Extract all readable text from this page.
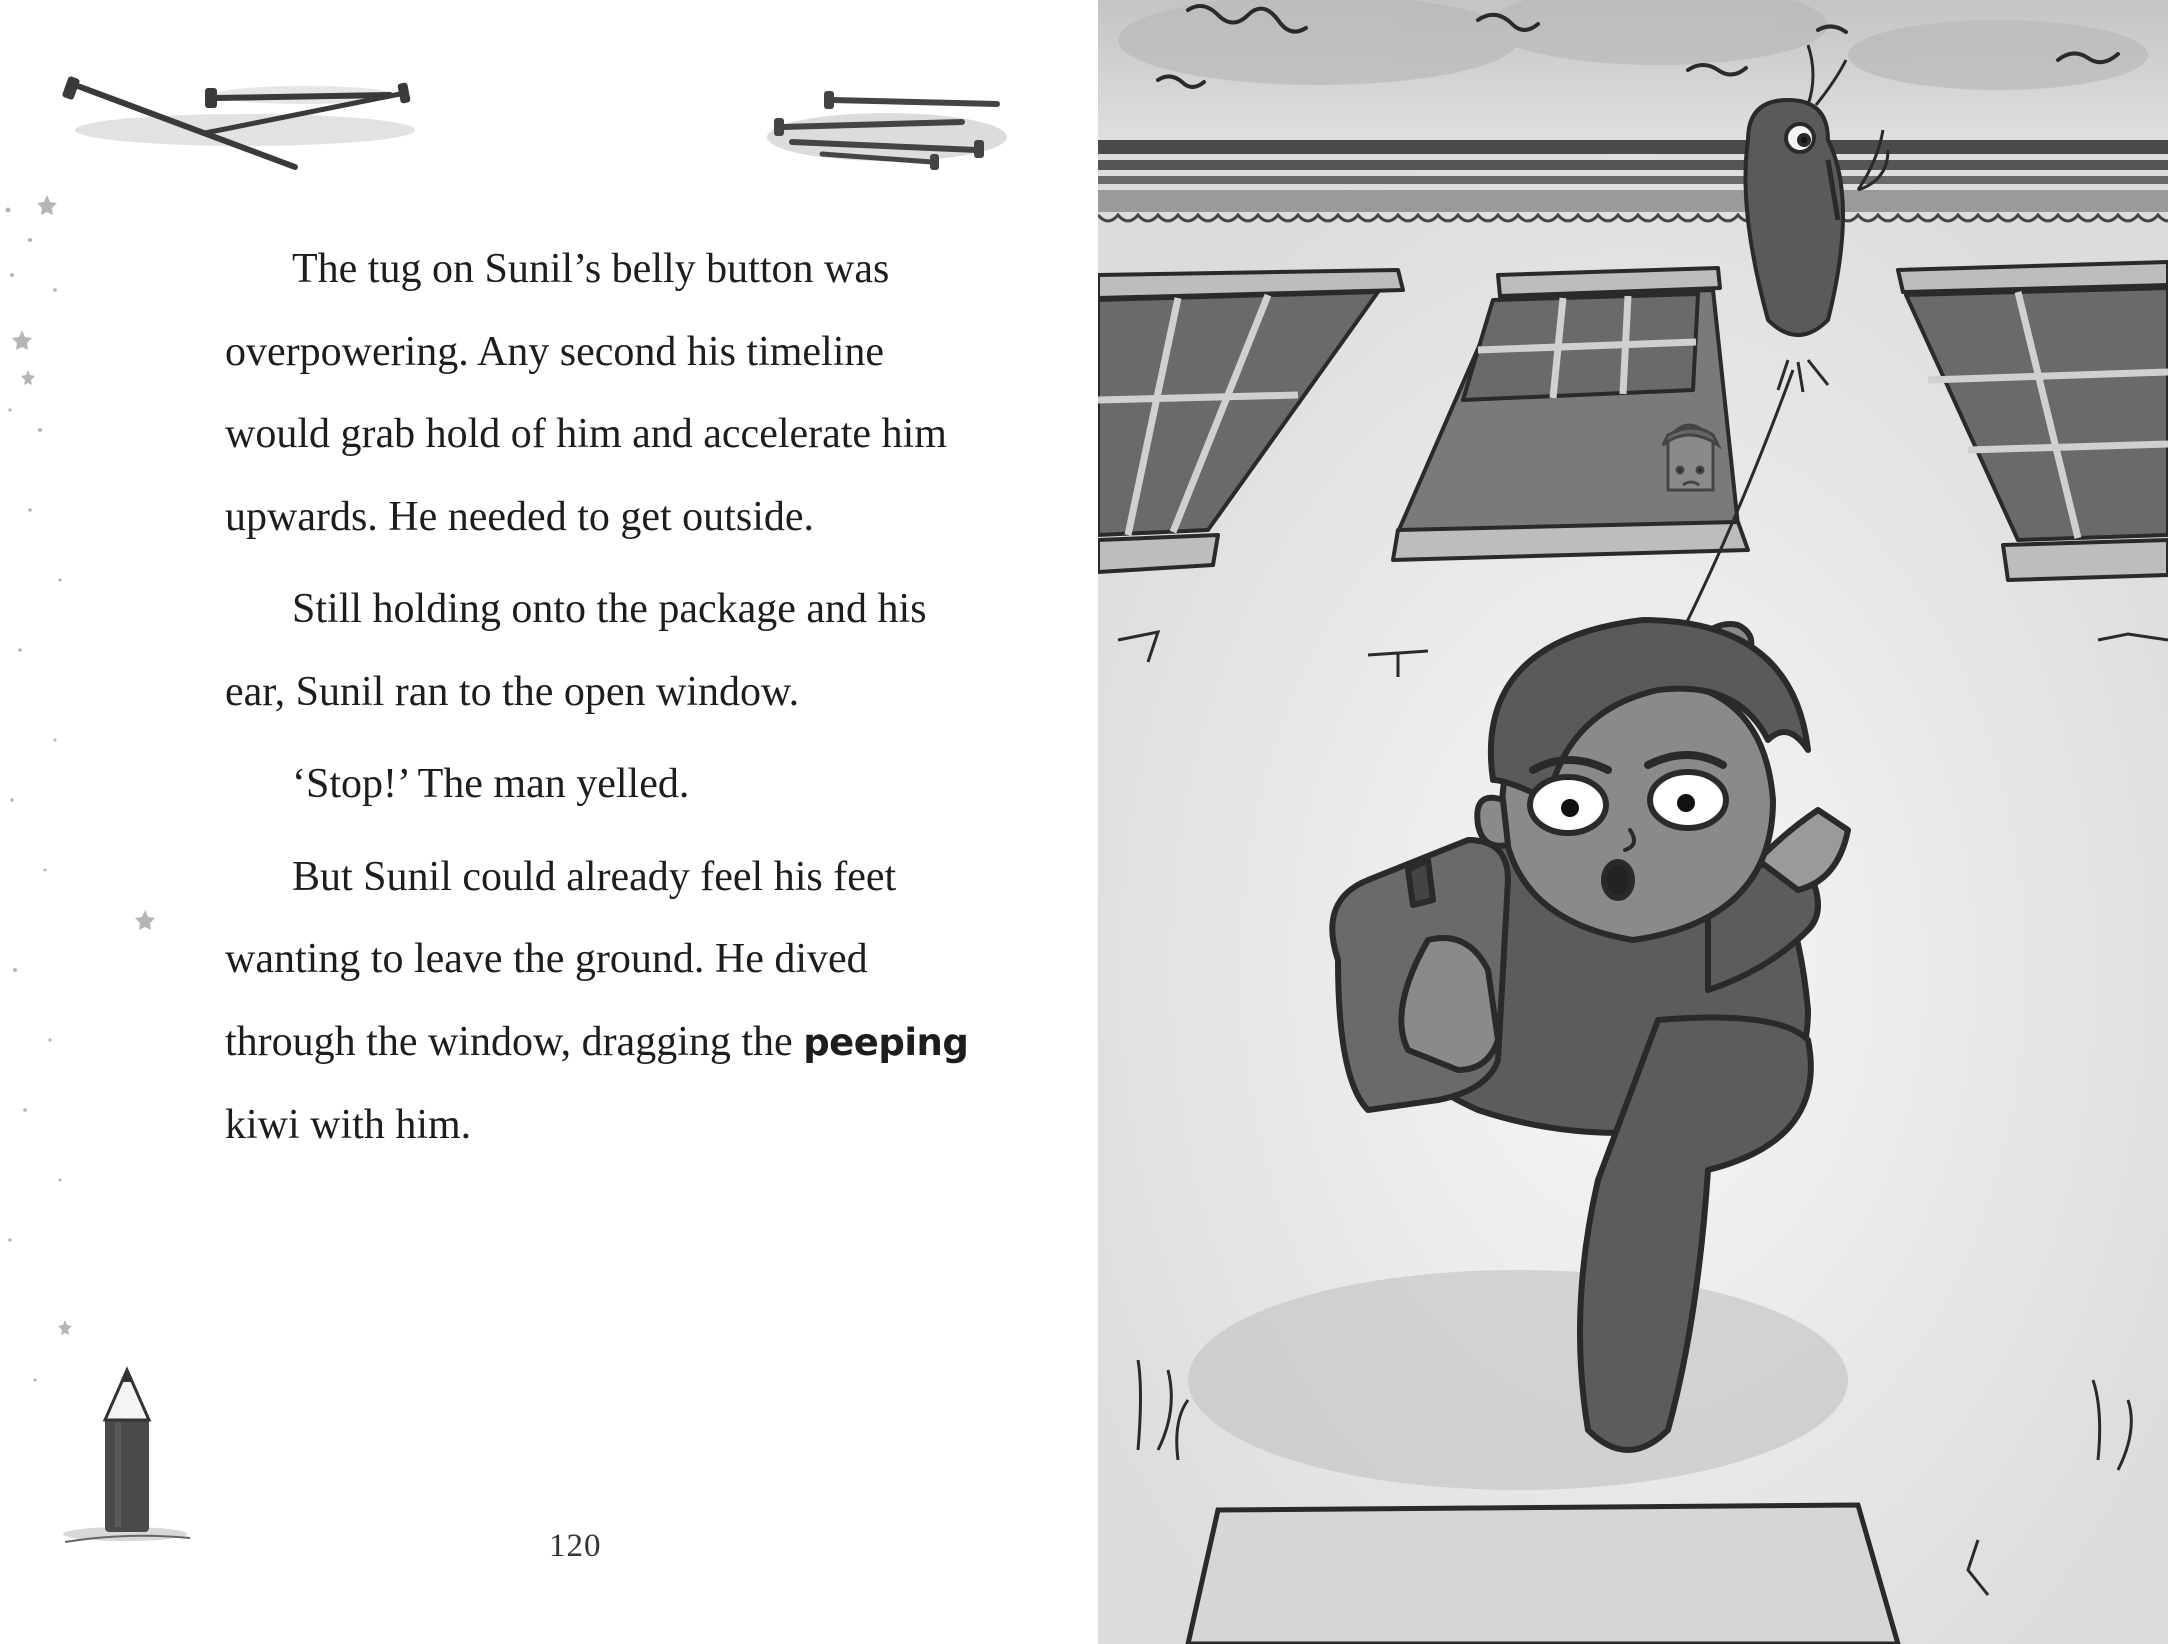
The tug on Sunil’s belly button was overpowering. Any second his timeline would grab hold of him and accelerate him upwards. He needed to get outside.

Still holding onto the package and his ear, Sunil ran to the open window.

‘Stop!’ The man yelled.

But Sunil could already feel his feet wanting to leave the ground. He dived through the window, dragging the peeping kiwi with him.

120
